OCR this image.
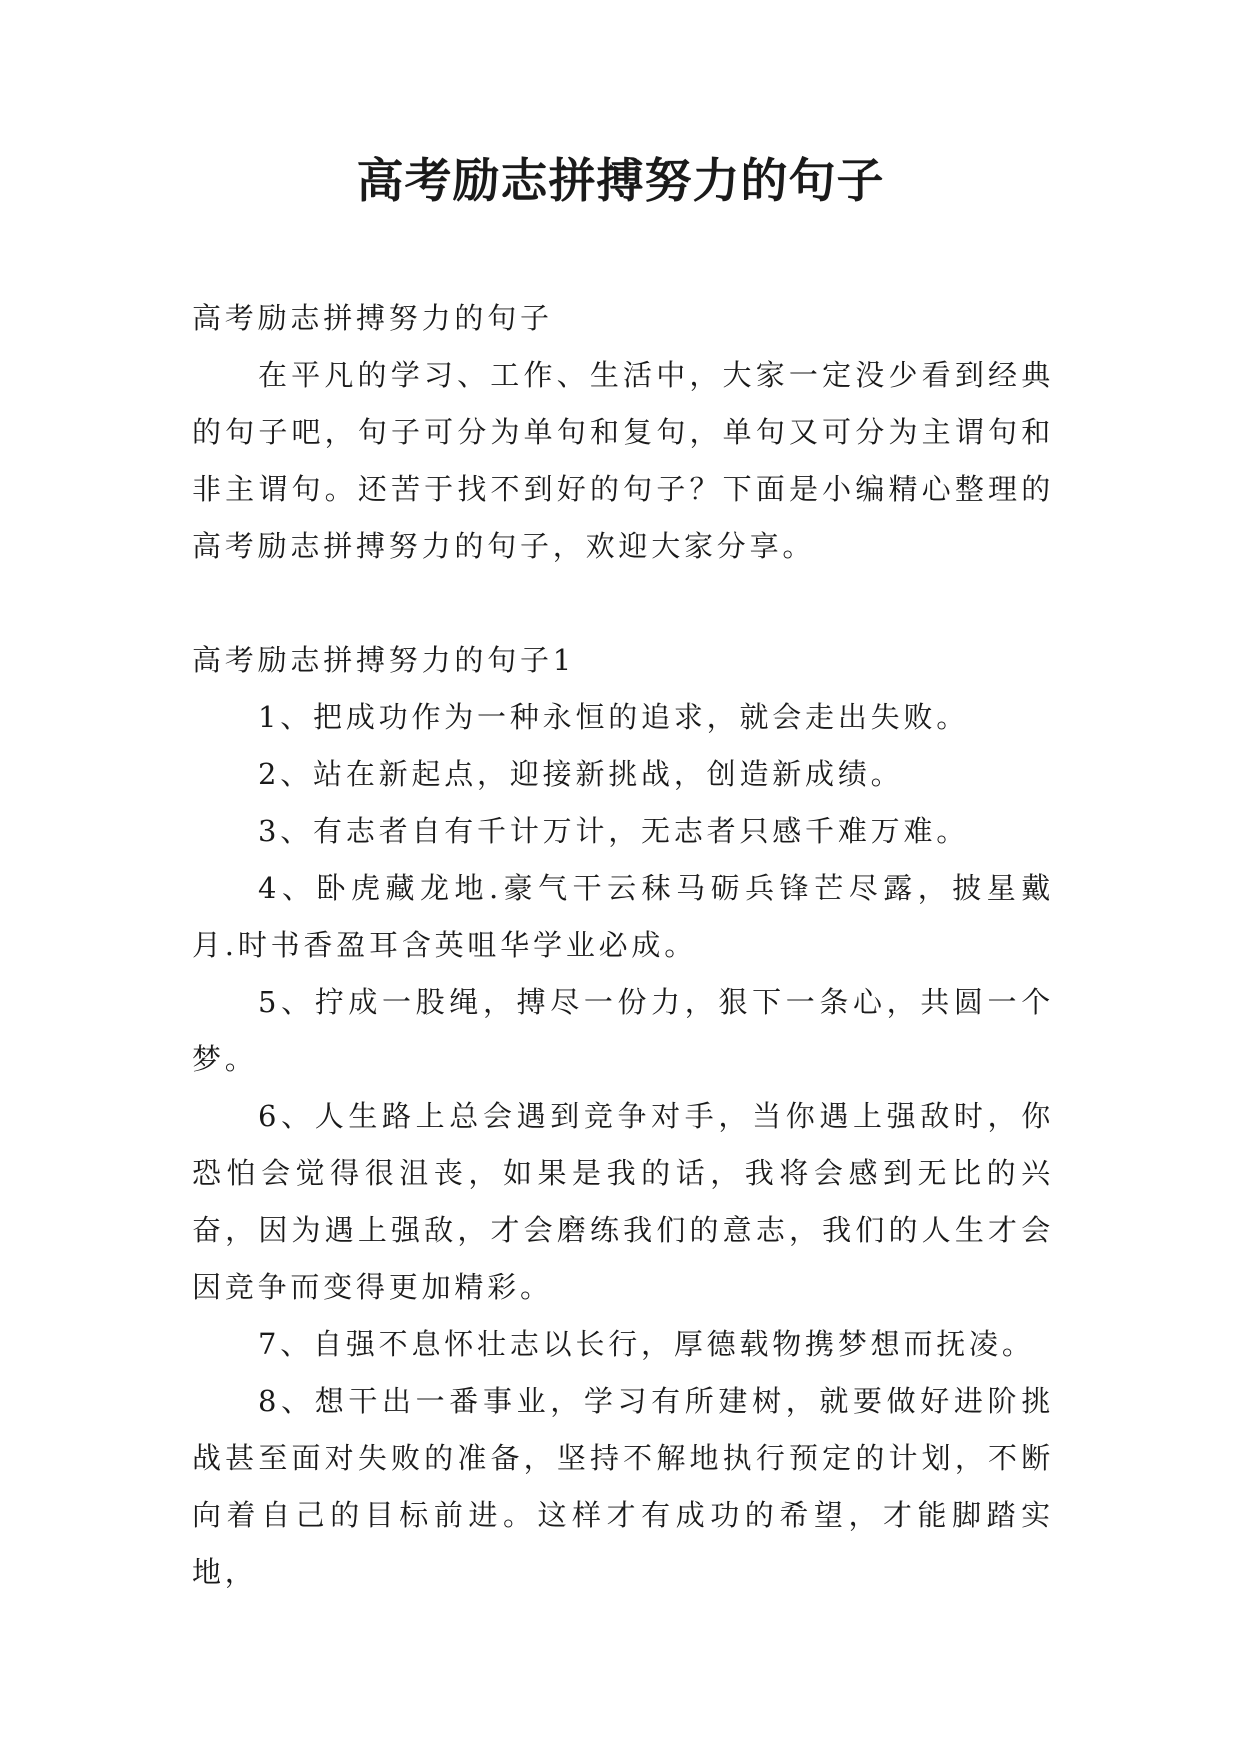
高考励志拼搏努力的句子

高考励志拼搏努力的句子

在平凡的学习、工作、生活中，大家一定没少看到经典的句子吧，句子可分为单句和复句，单句又可分为主谓句和非主谓句。还苦于找不到好的句子？下面是小编精心整理的高考励志拼搏努力的句子，欢迎大家分享。

高考励志拼搏努力的句子1

1、把成功作为一种永恒的追求，就会走出失败。

2、站在新起点，迎接新挑战，创造新成绩。

3、有志者自有千计万计，无志者只感千难万难。

4、卧虎藏龙地.豪气干云秣马砺兵锋芒尽露，披星戴月.时书香盈耳含英咀华学业必成。

5、拧成一股绳，搏尽一份力，狠下一条心，共圆一个梦。

6、人生路上总会遇到竞争对手，当你遇上强敌时，你恐怕会觉得很沮丧，如果是我的话，我将会感到无比的兴奋，因为遇上强敌，才会磨练我们的意志，我们的人生才会因竞争而变得更加精彩。

7、自强不息怀壮志以长行，厚德载物携梦想而抚凌。

8、想干出一番事业，学习有所建树，就要做好进阶挑战甚至面对失败的准备，坚持不解地执行预定的计划，不断向着自己的目标前进。这样才有成功的希望，才能脚踏实地，
